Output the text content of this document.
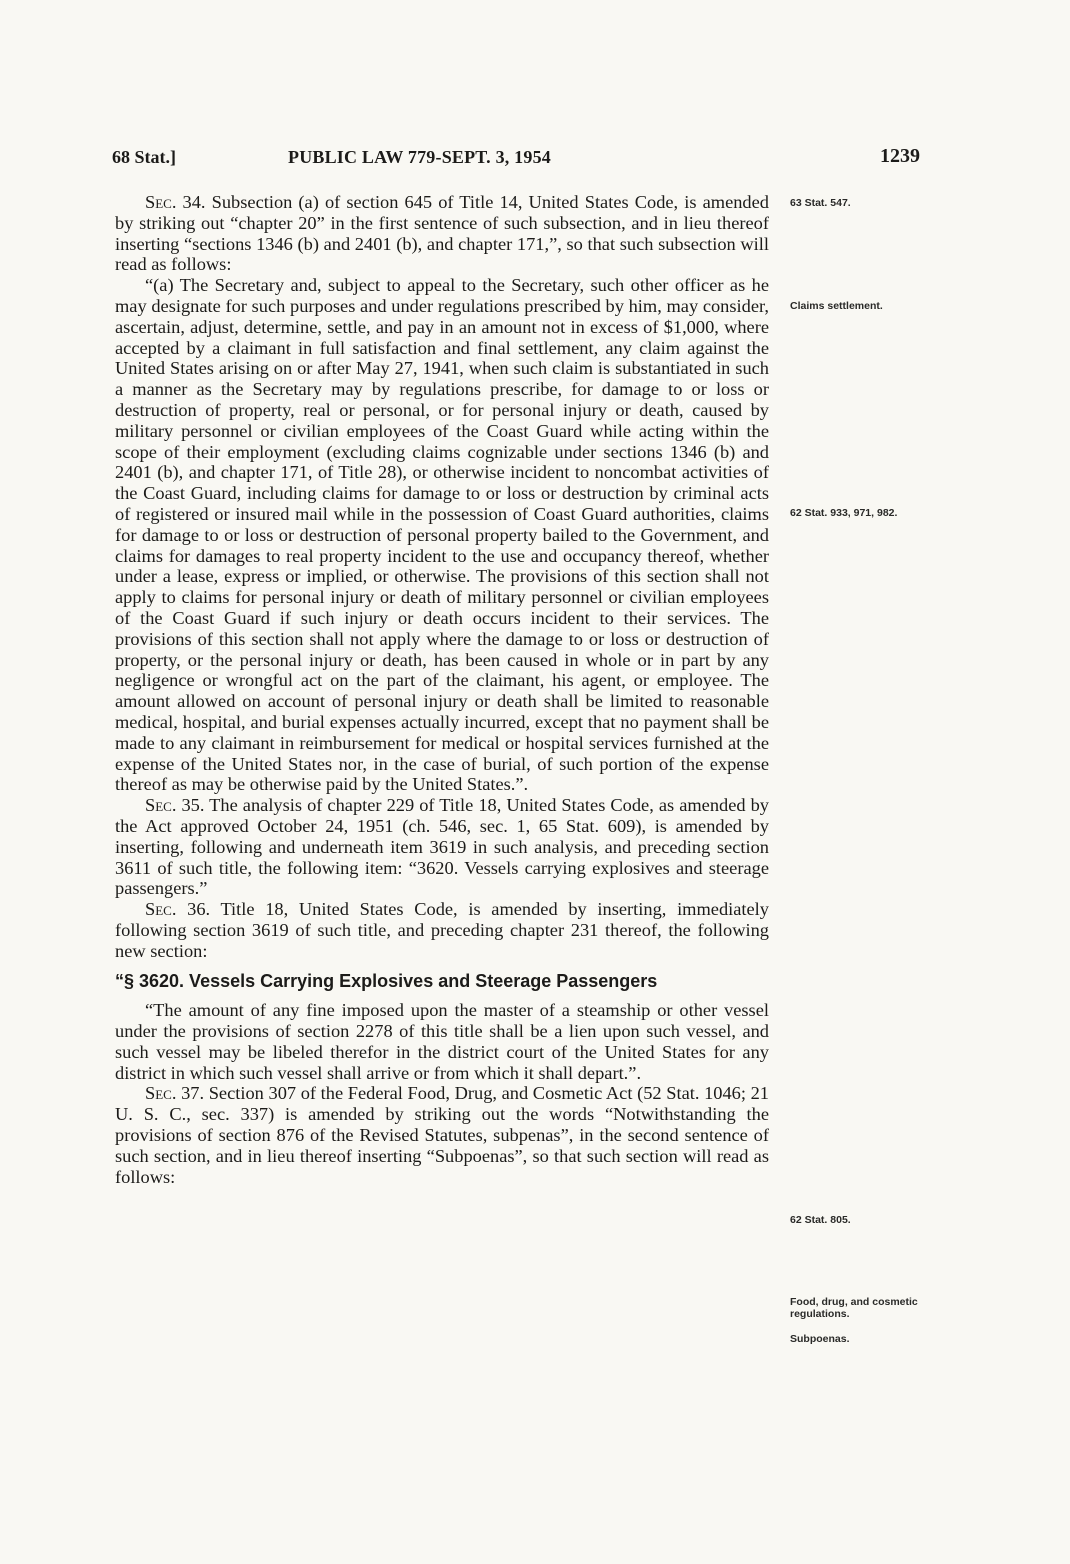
68 Stat.]	PUBLIC LAW 779-SEPT. 3, 1954	1239

Sec. 34. Subsection (a) of section 645 of Title 14, United States Code, is amended by striking out “chapter 20” in the first sentence of such subsection, and in lieu thereof inserting “sections 1346 (b) and 2401 (b), and chapter 171,”, so that such subsection will read as follows:

“(a) The Secretary and, subject to appeal to the Secretary, such other officer as he may designate for such purposes and under regulations prescribed by him, may consider, ascertain, adjust, determine, settle, and pay in an amount not in excess of $1,000, where accepted by a claimant in full satisfaction and final settlement, any claim against the United States arising on or after May 27, 1941, when such claim is substantiated in such a manner as the Secretary may by regulations prescribe, for damage to or loss or destruction of property, real or personal, or for personal injury or death, caused by military personnel or civilian employees of the Coast Guard while acting within the scope of their employment (excluding claims cognizable under sections 1346 (b) and 2401 (b), and chapter 171, of Title 28), or otherwise incident to noncombat activities of the Coast Guard, including claims for damage to or loss or destruction by criminal acts of registered or insured mail while in the possession of Coast Guard authorities, claims for damage to or loss or destruction of personal property bailed to the Government, and claims for damages to real property incident to the use and occupancy thereof, whether under a lease, express or implied, or otherwise. The provisions of this section shall not apply to claims for personal injury or death of military personnel or civilian employees of the Coast Guard if such injury or death occurs incident to their services. The provisions of this section shall not apply where the damage to or loss or destruction of property, or the personal injury or death, has been caused in whole or in part by any negligence or wrongful act on the part of the claimant, his agent, or employee. The amount allowed on account of personal injury or death shall be limited to reasonable medical, hospital, and burial expenses actually incurred, except that no payment shall be made to any claimant in reimbursement for medical or hospital services furnished at the expense of the United States nor, in the case of burial, of such portion of the expense thereof as may be otherwise paid by the United States.”.

Sec. 35. The analysis of chapter 229 of Title 18, United States Code, as amended by the Act approved October 24, 1951 (ch. 546, sec. 1, 65 Stat. 609), is amended by inserting, following and underneath item 3619 in such analysis, and preceding section 3611 of such title, the following item: “3620. Vessels carrying explosives and steerage passengers.”

Sec. 36. Title 18, United States Code, is amended by inserting, immediately following section 3619 of such title, and preceding chapter 231 thereof, the following new section:

“§ 3620. Vessels Carrying Explosives and Steerage Passengers

“The amount of any fine imposed upon the master of a steamship or other vessel under the provisions of section 2278 of this title shall be a lien upon such vessel, and such vessel may be libeled therefor in the district court of the United States for any district in which such vessel shall arrive or from which it shall depart.”.

Sec. 37. Section 307 of the Federal Food, Drug, and Cosmetic Act (52 Stat. 1046; 21 U. S. C., sec. 337) is amended by striking out the words “Notwithstanding the provisions of section 876 of the Revised Statutes, subpenas”, in the second sentence of such section, and in lieu thereof inserting “Subpoenas”, so that such section will read as follows:

63 Stat. 547.
Claims settlement.
62 Stat. 933, 971, 982.
62 Stat. 805.
Food, drug, and cosmetic regulations.
Subpoenas.
